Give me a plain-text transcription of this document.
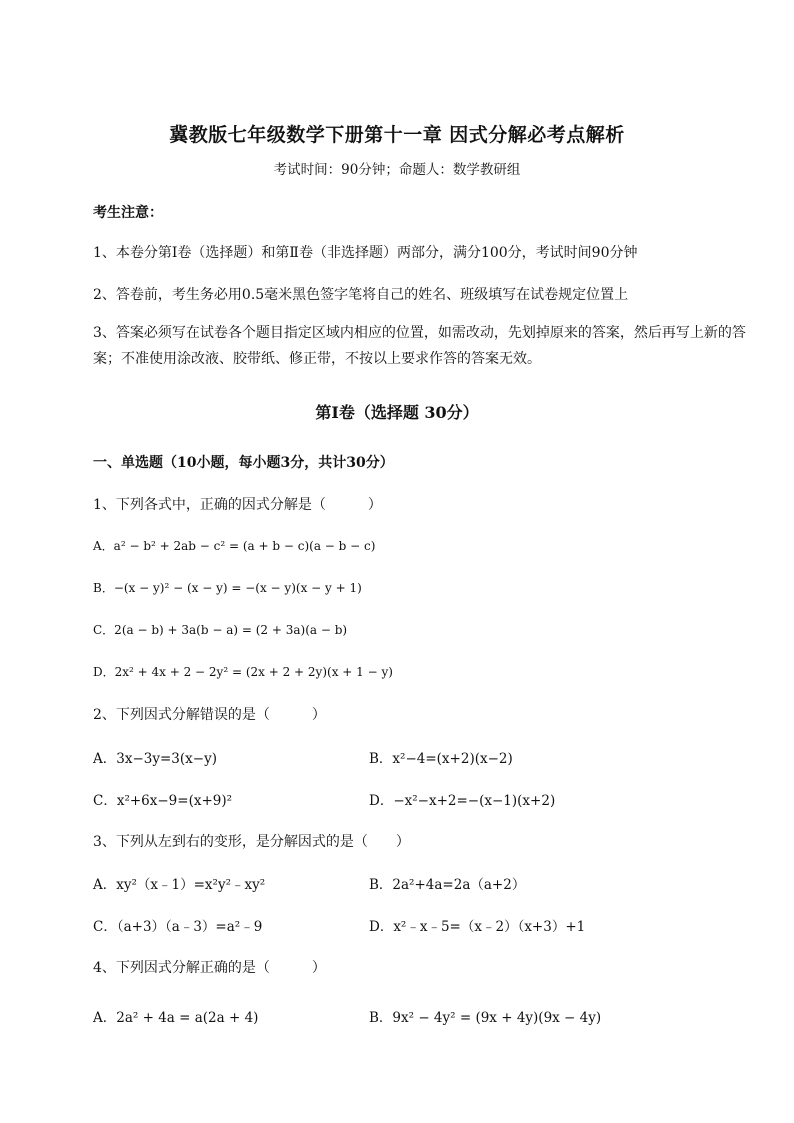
冀教版七年级数学下册第十一章 因式分解必考点解析
考试时间：90分钟；命题人：数学教研组
考生注意：
1、本卷分第I卷（选择题）和第Ⅱ卷（非选择题）两部分，满分100分，考试时间90分钟
2、答卷前，考生务必用0.5毫米黑色签字笔将自己的姓名、班级填写在试卷规定位置上
3、答案必须写在试卷各个题目指定区域内相应的位置，如需改动，先划掉原来的答案，然后再写上新的答案；不准使用涂改液、胶带纸、修正带，不按以上要求作答的答案无效。
第I卷（选择题 30分）
一、单选题（10小题，每小题3分，共计30分）
1、下列各式中，正确的因式分解是（　　　）
A．a² − b² + 2ab − c² = (a + b − c)(a − b − c)
B．−(x − y)² − (x − y) = −(x − y)(x − y + 1)
C．2(a − b) + 3a(b − a) = (2 + 3a)(a − b)
D．2x² + 4x + 2 − 2y² = (2x + 2 + 2y)(x + 1 − y)
2、下列因式分解错误的是（　　　）
A．3x−3y=3(x−y)	B．x²−4=(x+2)(x−2)
C．x²+6x−9=(x+9)²	D．−x²−x+2=−(x−1)(x+2)
3、下列从左到右的变形，是分解因式的是（　　）
A．xy²（x﹣1）=x²y²﹣xy²	B．2a²+4a=2a（a+2）
C．（a+3）（a﹣3）=a²﹣9	D．x²﹣x﹣5=（x﹣2）（x+3）+1
4、下列因式分解正确的是（　　　）
A．2a² + 4a = a(2a + 4)	B．9x² − 4y² = (9x + 4y)(9x − 4y)
